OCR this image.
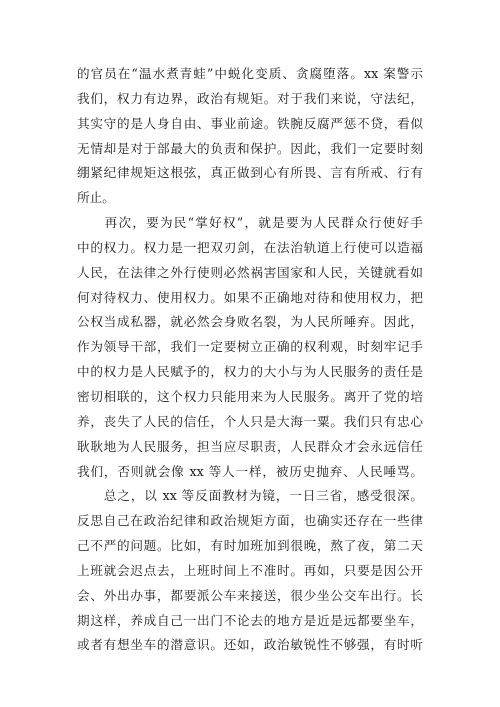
的官员在“温水煮青蛙”中蜕化变质、贪腐堕落。xx 案警示
我们，权力有边界，政治有规矩。对于我们来说，守法纪，
其实守的是人身自由、事业前途。铁腕反腐严惩不贷，看似
无情却是对于部最大的负责和保护。因此，我们一定要时刻
绷紧纪律规矩这根弦，真正做到心有所畏、言有所戒、行有
所止。
　　再次，要为民“掌好权”，就是要为人民群众行使好手
中的权力。权力是一把双刃剑，在法治轨道上行使可以造福
人民，在法律之外行使则必然祸害国家和人民，关键就看如
何对待权力、使用权力。如果不正确地对待和使用权力，把
公权当成私器，就必然会身败名裂，为人民所唾弃。因此，
作为领导干部，我们一定要树立正确的权利观，时刻牢记手
中的权力是人民赋予的，权力的大小与为人民服务的责任是
密切相联的，这个权力只能用来为人民服务。离开了党的培
养，丧失了人民的信任，个人只是大海一粟。我们只有忠心
耿耿地为人民服务，担当应尽职责，人民群众才会永远信任
我们，否则就会像 xx 等人一样，被历史抛弃、人民唾骂。
　　总之，以 xx 等反面教材为镜，一日三省，感受很深。
反思自己在政治纪律和政治规矩方面，也确实还存在一些律
己不严的问题。比如，有时加班加到很晚，熬了夜，第二天
上班就会迟点去，上班时间上不准时。再如，只要是因公开
会、外出办事，都要派公车来接送，很少坐公交车出行。长
期这样，养成自己一出门不论去的地方是近是远都要坐车，
或者有想坐车的潜意识。还如，政治敏锐性不够强，有时听
